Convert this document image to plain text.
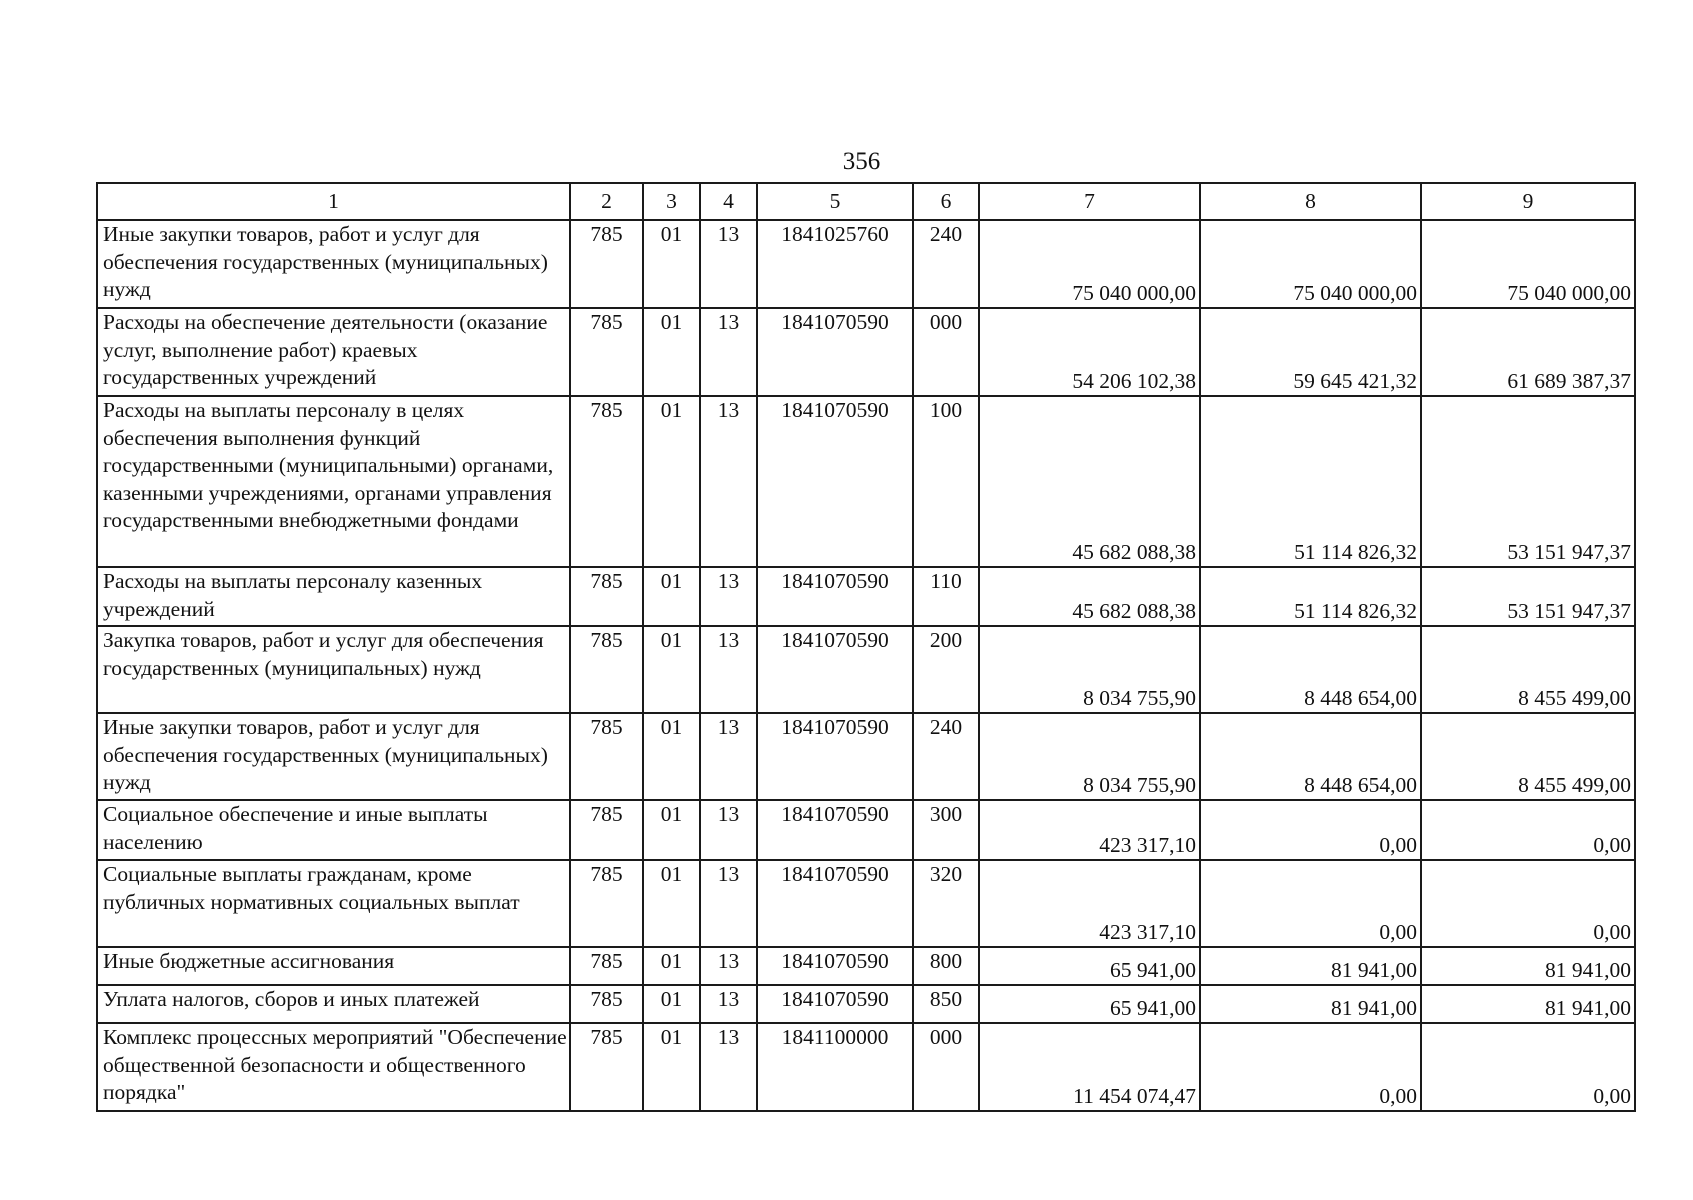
356
1	2	3	4	5	6	7	8	9
Иные закупки товаров, работ и услуг для обеспечения государственных (муниципальных) нужд	785	01	13	1841025760	240	75 040 000,00	75 040 000,00	75 040 000,00
Расходы на обеспечение деятельности (оказание услуг, выполнение работ) краевых государственных учреждений	785	01	13	1841070590	000	54 206 102,38	59 645 421,32	61 689 387,37
Расходы на выплаты персоналу в целях обеспечения выполнения функций государственными (муниципальными) органами, казенными учреждениями, органами управления государственными внебюджетными фондами	785	01	13	1841070590	100	45 682 088,38	51 114 826,32	53 151 947,37
Расходы на выплаты персоналу казенных учреждений	785	01	13	1841070590	110	45 682 088,38	51 114 826,32	53 151 947,37
Закупка товаров, работ и услуг для обеспечения государственных (муниципальных) нужд	785	01	13	1841070590	200	8 034 755,90	8 448 654,00	8 455 499,00
Иные закупки товаров, работ и услуг для обеспечения государственных (муниципальных) нужд	785	01	13	1841070590	240	8 034 755,90	8 448 654,00	8 455 499,00
Социальное обеспечение и иные выплаты населению	785	01	13	1841070590	300	423 317,10	0,00	0,00
Социальные выплаты гражданам, кроме публичных нормативных социальных выплат	785	01	13	1841070590	320	423 317,10	0,00	0,00
Иные бюджетные ассигнования	785	01	13	1841070590	800	65 941,00	81 941,00	81 941,00
Уплата налогов, сборов и иных платежей	785	01	13	1841070590	850	65 941,00	81 941,00	81 941,00
Комплекс процессных мероприятий "Обеспечение общественной безопасности и общественного порядка"	785	01	13	1841100000	000	11 454 074,47	0,00	0,00
